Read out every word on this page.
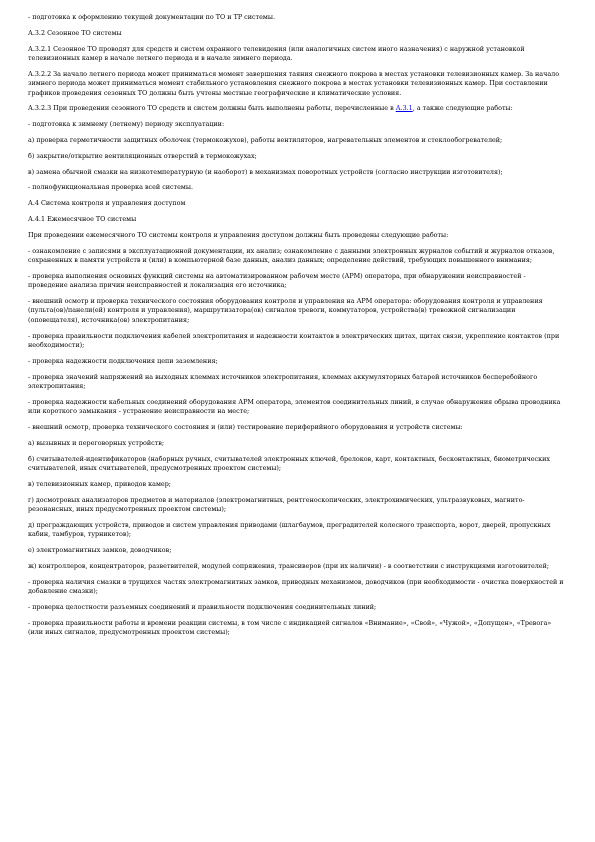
- подготовка к оформлению текущей документации по ТО и ТР системы.

А.3.2 Сезонное ТО системы

А.3.2.1 Сезонное ТО проводят для средств и систем охранного телевидения (или аналогичных систем иного назначения) с наружной установкой телевизионных камер в начале летнего периода и в начале зимнего периода.

А.3.2.2 За начало летнего периода может приниматься момент завершения таяния снежного покрова в местах установки телевизионных камер. За начало зимнего периода может приниматься момент стабильного установления снежного покрова в местах установки телевизионных камер. При составлении графиков проведения сезонных ТО должны быть учтены местные географические и климатические условия.

А.3.2.3 При проведении сезонного ТО средств и систем должны быть выполнены работы, перечисленные в А.3.1, а также следующие работы:

- подготовка к зимнему (летнему) периоду эксплуатации:

а) проверка герметичности защитных оболочек (термокожухов), работы вентиляторов, нагревательных элементов и стеклообогревателей;

б) закрытие/открытие вентиляционных отверстий в термокожухах;

в) замена обычной смазки на низкотемпературную (и наоборот) в механизмах поворотных устройств (согласно инструкции изготовителя);

- полнофункциональная проверка всей системы.

А.4 Система контроля и управления доступом

А.4.1 Ежемесячное ТО системы

При проведении ежемесячного ТО системы контроля и управления доступом должны быть проведены следующие работы:

- ознакомление с записями в эксплуатационной документации, их анализ; ознакомление с данными электронных журналов событий и журналов отказов, сохраненных в памяти устройств и (или) в компьютерной базе данных, анализ данных; определение действий, требующих повышенного внимания;

- проверка выполнения основных функций системы на автоматизированном рабочем месте (АРМ) оператора, при обнаружении неисправностей - проведение анализа причин неисправностей и локализация его источника;

- внешний осмотр и проверка технического состояния оборудования контроля и управления на АРМ оператора: оборудования контроля и управления (пульта(ов)/панели(ей) контроля и управления), маршрутизатора(ов) сигналов тревоги, коммутаторов, устройства(в) тревожной сигнализации (оповещателя), источника(ов) электропитания;

- проверка правильности подключения кабелей электропитания и надежности контактов в электрических щитах, щитах связи, укрепление контактов (при необходимости);

- проверка надежности подключения цепи заземления;

- проверка значений напряжений на выходных клеммах источников электропитания, клеммах аккумуляторных батарей источников бесперебойного электропитания;

- проверка надежности кабельных соединений оборудования АРМ оператора, элементов соединительных линий, в случае обнаружения обрыва проводника или короткого замыкания - устранение неисправности на месте;

- внешний осмотр, проверка технического состояния и (или) тестирование периферийного оборудования и устройств системы:

а) вызывных и переговорных устройств;

б) считывателей-идентификаторов (наборных ручных, считывателей электронных ключей, брелоков, карт, контактных, бесконтактных, биометрических считывателей, иных считывателей, предусмотренных проектом системы);

в) телевизионных камер, приводов камер;

г) досмотровых анализаторов предметов и материалов (электромагнитных, рентгеноскопических, электрохимических, ультразвуковых, магнито-резонансных, иных предусмотренных проектом системы);

д) преграждающих устройств, приводов и систем управления приводами (шлагбаумов, преградителей колесного транспорта, ворот, дверей, пропускных кабин, тамбуров, турникетов);

е) электромагнитных замков, доводчиков;

ж) контроллеров, концентраторов, разветвителей, модулей сопряжения, трансиверов (при их наличии) - в соответствии с инструкциями изготовителей;

- проверка наличия смазки в трущихся частях электромагнитных замков, приводных механизмов, доводчиков (при необходимости - очистка поверхностей и добавление смазки);

- проверка целостности разъемных соединений и правильности подключения соединительных линий;

- проверка правильности работы и времени реакции системы, в том числе с индикацией сигналов «Внимание», «Свой», «Чужой», «Допущен», «Тревога» (или иных сигналов, предусмотренных проектом системы);
